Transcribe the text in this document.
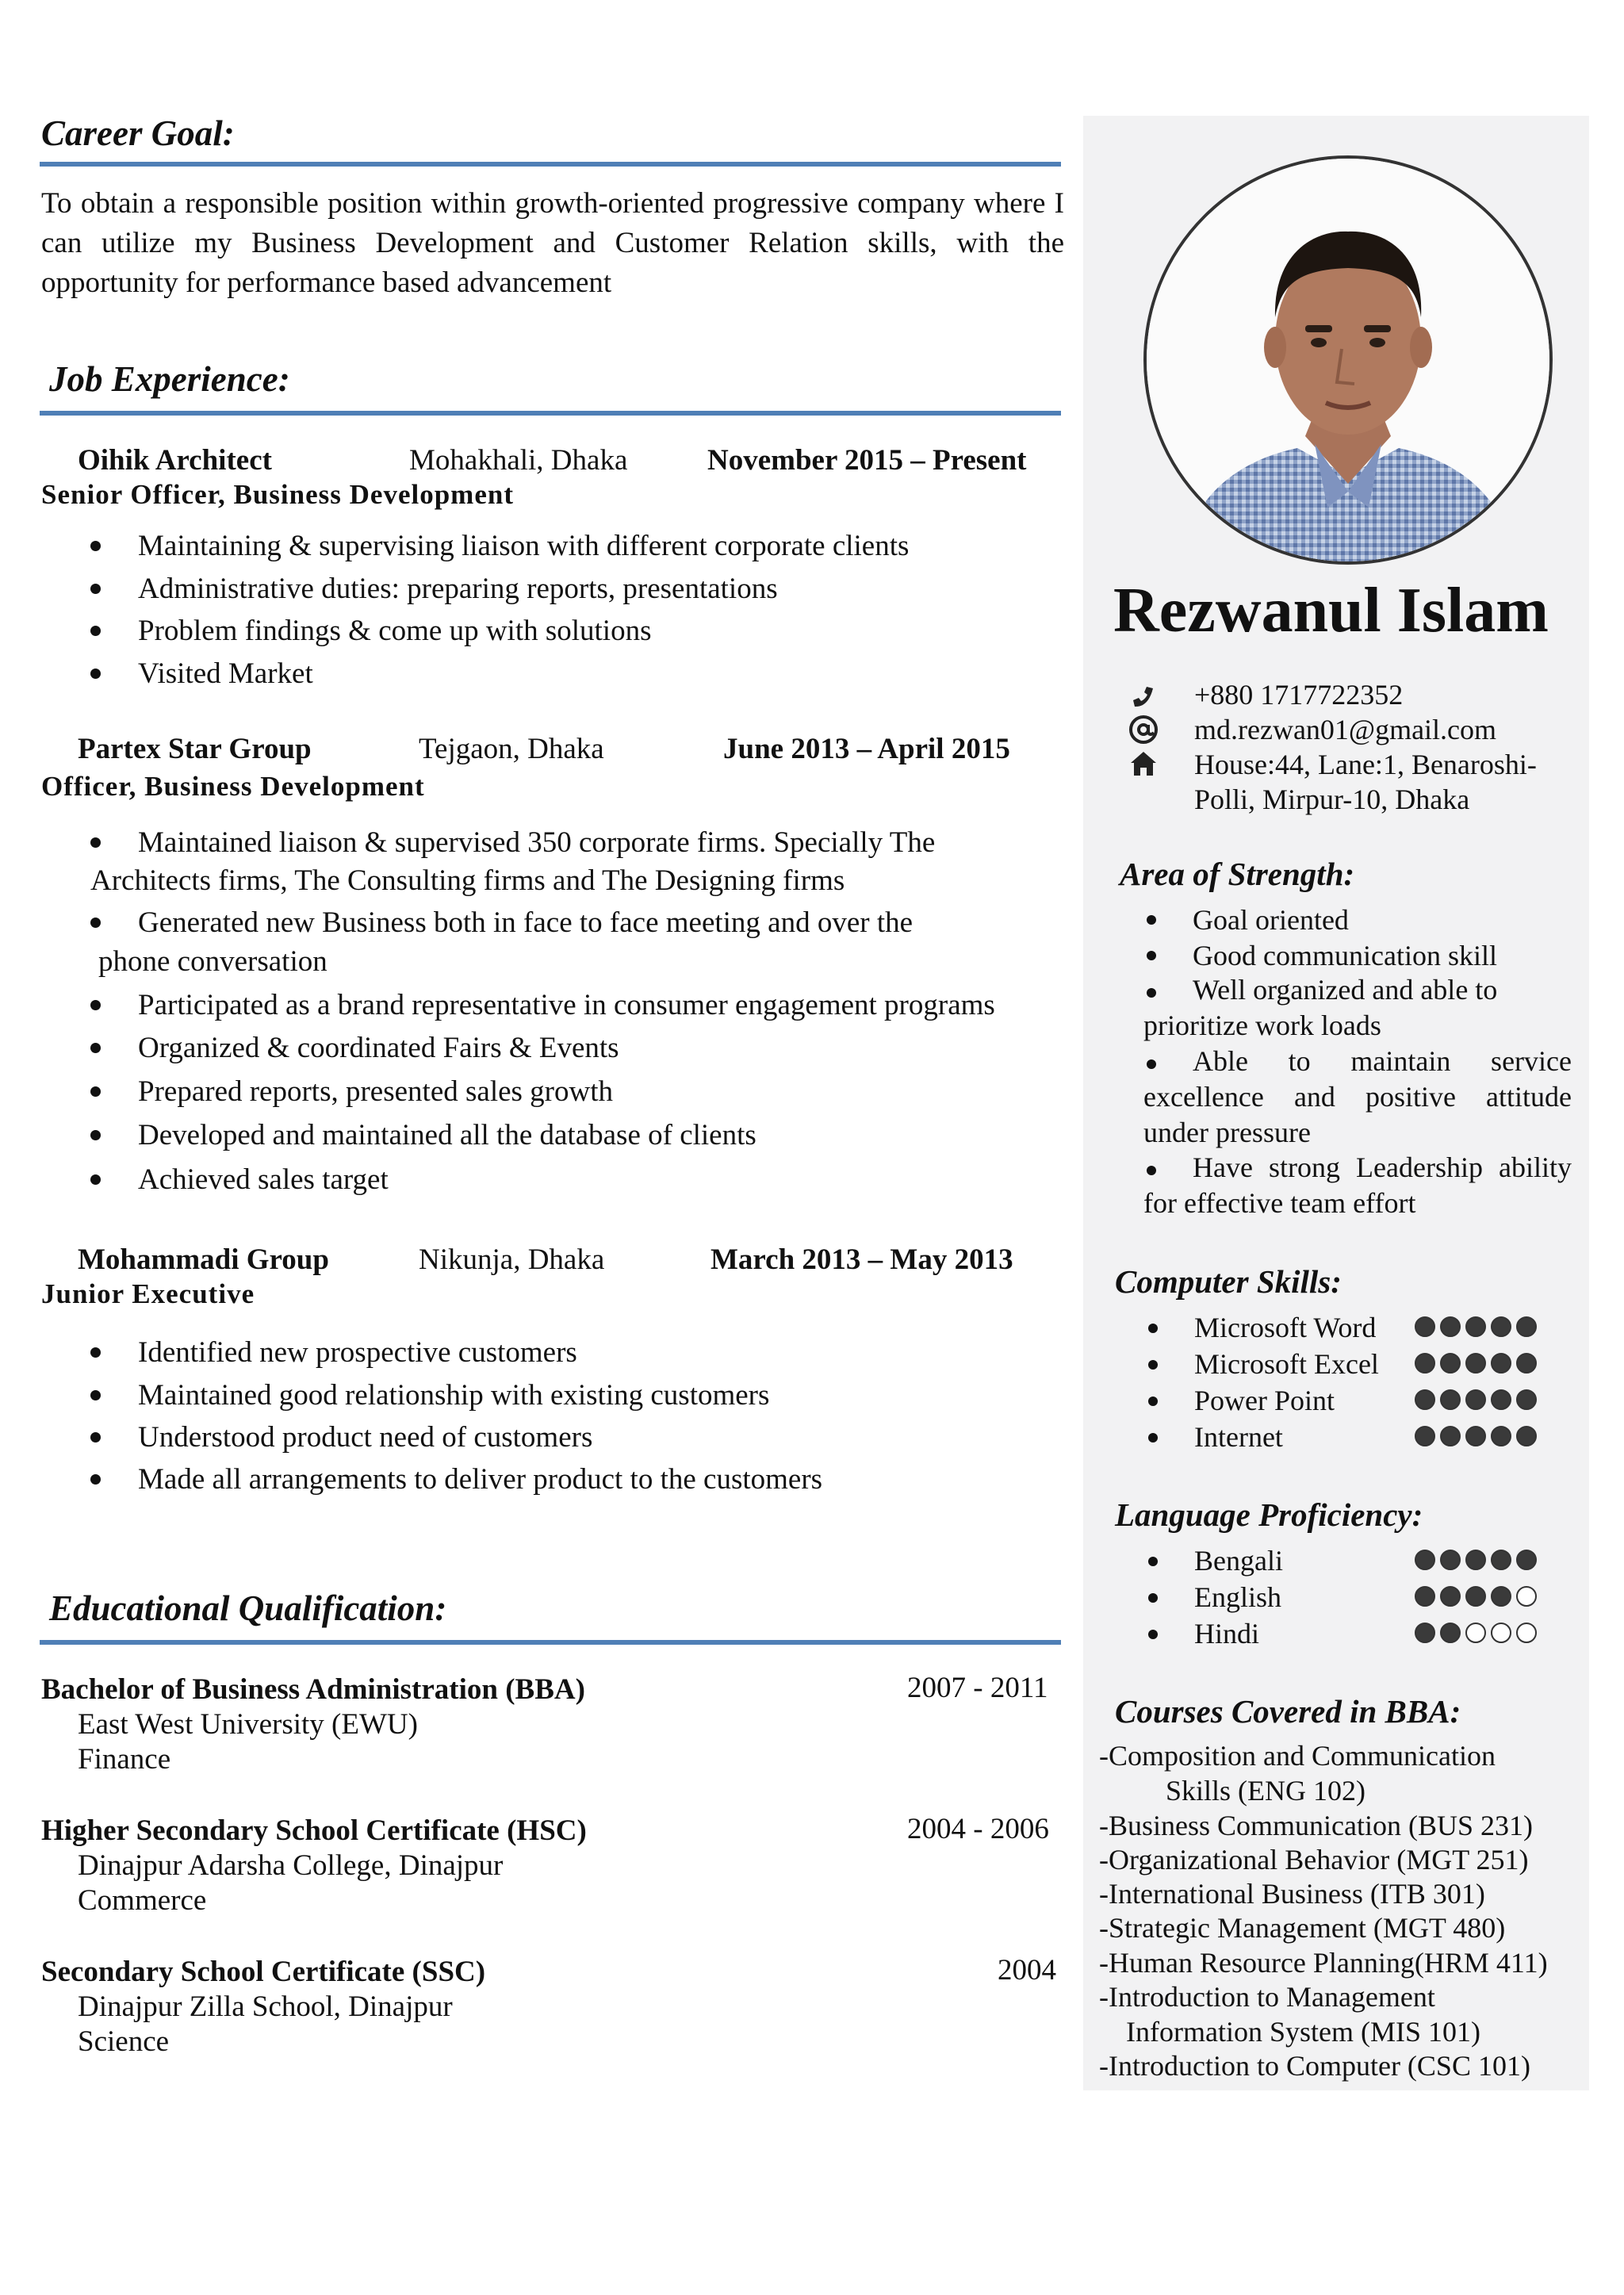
Career Goal:
To obtain a responsible position within growth-oriented progressive company where I can utilize my Business Development and Customer Relation skills, with the opportunity for performance based advancement
Job Experience:
Oihik Architect	Mohakhali, Dhaka	November 2015 – Present
Senior Officer, Business Development
Maintaining & supervising liaison with different corporate clients
Administrative duties: preparing reports, presentations
Problem findings & come up with solutions
Visited Market
Partex Star Group	Tejgaon, Dhaka	June 2013 – April 2015
Officer, Business Development
Maintained liaison & supervised 350 corporate firms. Specially The
Architects firms, The Consulting firms and The Designing firms
Generated new Business both in face to face meeting and over the
phone conversation
Participated as a brand representative in consumer engagement programs
Organized & coordinated Fairs & Events
Prepared reports, presented sales growth
Developed and maintained all the database of clients
Achieved sales target
Mohammadi Group	Nikunja, Dhaka	March 2013 – May 2013
Junior Executive
Identified new prospective customers
Maintained good relationship with existing customers
Understood product need of customers
Made all arrangements to deliver product to the customers
Educational Qualification:
Bachelor of Business Administration (BBA)	2007 - 2011
East West University (EWU)
Finance
Higher Secondary School Certificate (HSC)	2004 - 2006
Dinajpur Adarsha College, Dinajpur
Commerce
Secondary School Certificate (SSC)	2004
Dinajpur Zilla School, Dinajpur
Science
Rezwanul Islam
+880 1717722352
md.rezwan01@gmail.com
House:44, Lane:1, Benaroshi-
Polli, Mirpur-10, Dhaka
Area of Strength:
Goal oriented
Good communication skill
Well organized and able to prioritize work loads
Able to maintain service excellence and positive attitude under pressure
Have strong Leadership ability for effective team effort
Computer Skills:
Microsoft Word
Microsoft Excel
Power Point
Internet
Language Proficiency:
Bengali
English
Hindi
Courses Covered in BBA:
-Composition and Communication
Skills (ENG 102)
-Business Communication (BUS 231)
-Organizational Behavior (MGT 251)
-International Business (ITB 301)
-Strategic Management (MGT 480)
-Human Resource Planning(HRM 411)
-Introduction to Management
Information System (MIS 101)
-Introduction to Computer (CSC 101)
